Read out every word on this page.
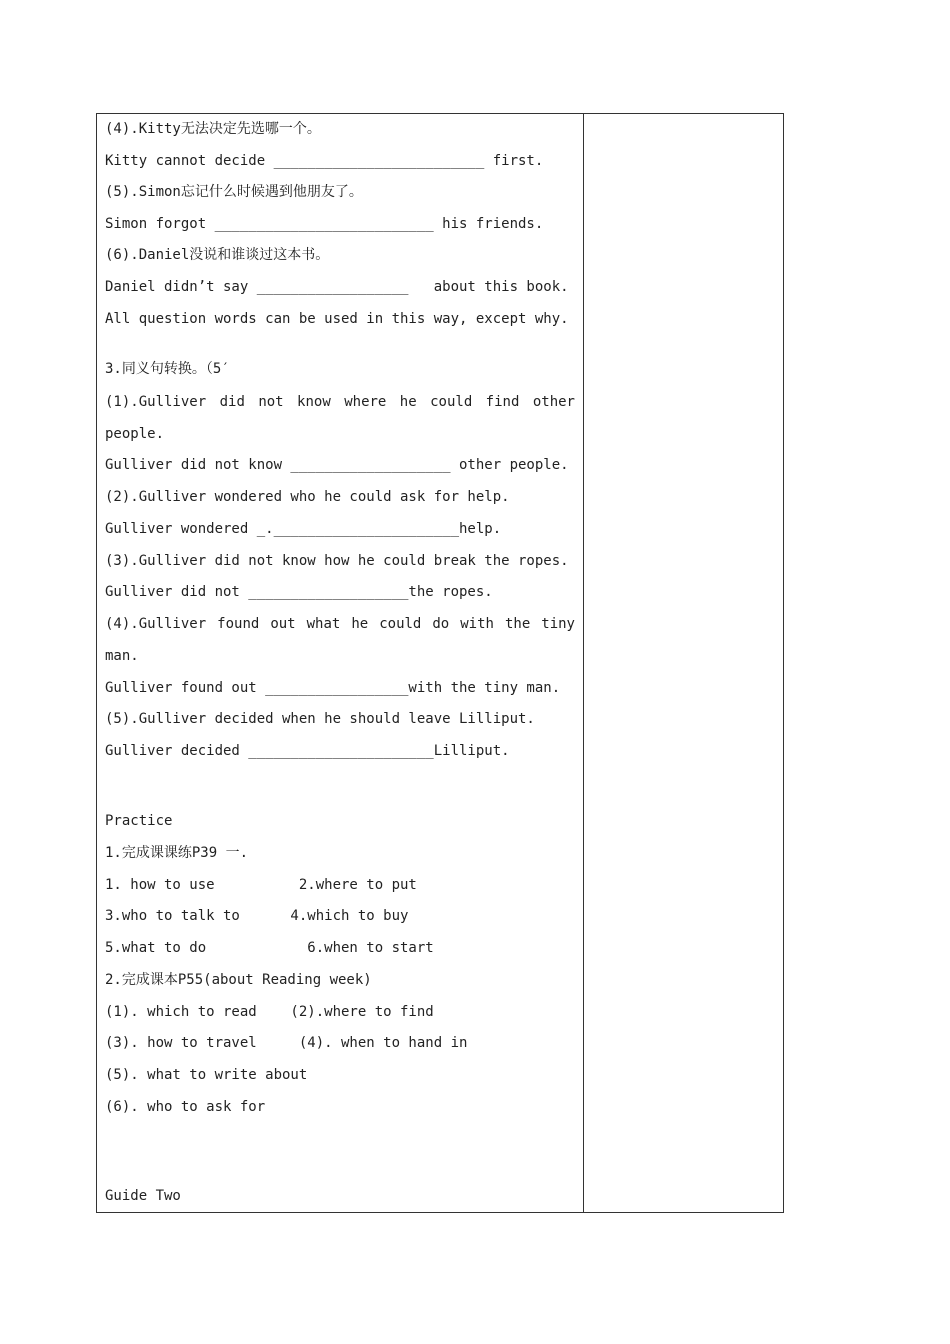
(4).Kitty无法决定先选哪一个。
Kitty cannot decide _________________________ first.
(5).Simon忘记什么时候遇到他朋友了。
Simon forgot __________________________ his friends.
(6).Daniel没说和谁谈过这本书。
Daniel didn’t say __________________   about this book.
All question words can be used in this way, except why.
3.同义句转换。（5′
(1).Gulliver did not know where he could find other
people.
Gulliver did not know ___________________ other people.
(2).Gulliver wondered who he could ask for help.
Gulliver wondered _.______________________help.
(3).Gulliver did not know how he could break the ropes.
Gulliver did not ___________________the ropes.
(4).Gulliver found out what he could do with the tiny
man.
Gulliver found out _________________with the tiny man.
(5).Gulliver decided when he should leave Lilliput.
Gulliver decided ______________________Lilliput.
Practice
1.完成课课练P39 一.
1. how to use          2.where to put
3.who to talk to      4.which to buy
5.what to do            6.when to start
2.完成课本P55(about Reading week)
(1). which to read    (2).where to find
(3). how to travel     (4). when to hand in
(5). what to write about
(6). who to ask for
Guide Two
